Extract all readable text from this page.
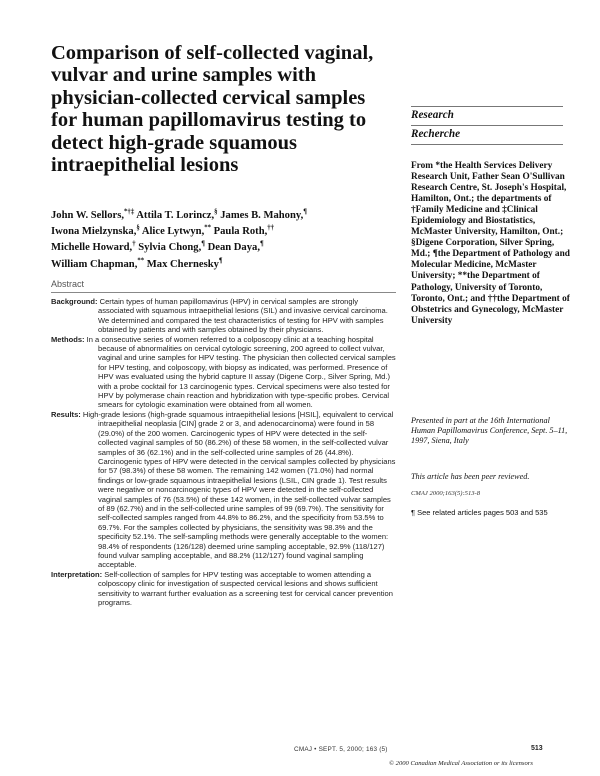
Comparison of self-collected vaginal, vulvar and urine samples with physician-collected cervical samples for human papillomavirus testing to detect high-grade squamous intraepithelial lesions
John W. Sellors,*†‡ Attila T. Lorincz,§ James B. Mahony,¶
Iwona Mielzynska,§ Alice Lytwyn,** Paula Roth,††
Michelle Howard,† Sylvia Chong,¶ Dean Daya,¶
William Chapman,** Max Chernesky¶
Abstract

Background: Certain types of human papillomavirus (HPV) in cervical samples are strongly associated with squamous intraepithelial lesions (SIL) and invasive cervical carcinoma. We determined and compared the test characteristics of testing for HPV with samples obtained by patients and with samples obtained by their physicians.

Methods: In a consecutive series of women referred to a colposcopy clinic at a teaching hospital because of abnormalities on cervical cytologic screening, 200 agreed to collect vulvar, vaginal and urine samples for HPV testing. The physician then collected cervical samples for HPV testing, and colposcopy, with biopsy as indicated, was performed. Presence of HPV was evaluated using the hybrid capture II assay (Digene Corp., Silver Spring, Md.) with a probe cocktail for 13 carcinogenic types. Cervical specimens were also tested for HPV by polymerase chain reaction and hybridization with type-specific probes. Cervical smears for cytologic examination were obtained from all women.

Results: High-grade lesions (high-grade squamous intraepithelial lesions [HSIL], equivalent to cervical intraepithelial neoplasia [CIN] grade 2 or 3, and adenocarcinoma) were found in 58 (29.0%) of the 200 women. Carcinogenic types of HPV were detected in the self-collected vaginal samples of 50 (86.2%) of these 58 women, in the self-collected vulvar samples of 36 (62.1%) and in the self-collected urine samples of 26 (44.8%). Carcinogenic types of HPV were detected in the cervical samples collected by physicians for 57 (98.3%) of these 58 women. The remaining 142 women (71.0%) had normal findings or low-grade squamous intraepithelial lesions (LSIL, CIN grade 1). Test results were negative or noncarcinogenic types of HPV were detected in the self-collected vaginal samples of 76 (53.5%) of these 142 women, in the self-collected vulvar samples of 89 (62.7%) and in the self-collected urine samples of 99 (69.7%). The sensitivity for self-collected samples ranged from 44.8% to 86.2%, and the specificity from 53.5% to 69.7%. For the samples collected by physicians, the sensitivity was 98.3% and the specificity 52.1%. The self-sampling methods were generally acceptable to the women: 98.4% of respondents (126/128) deemed urine sampling acceptable, 92.9% (118/127) found vulvar sampling acceptable, and 88.2% (112/127) found vaginal sampling acceptable.

Interpretation: Self-collection of samples for HPV testing was acceptable to women attending a colposcopy clinic for investigation of suspected cervical lesions and shows sufficient sensitivity to warrant further evaluation as a screening test for cervical cancer prevention programs.

Research
Recherche
From *the Health Services Delivery Research Unit, Father Sean O'Sullivan Research Centre, St. Joseph's Hospital, Hamilton, Ont.; the departments of †Family Medicine and ‡Clinical Epidemiology and Biostatistics, McMaster University, Hamilton, Ont.; §Digene Corporation, Silver Spring, Md.; ¶the Department of Pathology and Molecular Medicine, McMaster University; **the Department of Pathology, University of Toronto, Toronto, Ont.; and ††the Department of Obstetrics and Gynecology, McMaster University
Presented in part at the 16th International Human Papillomavirus Conference, Sept. 5–11, 1997, Siena, Italy
This article has been peer reviewed.
CMAJ 2000;163(5):513-8
¶ See related articles pages 503 and 535
CMAJ • SEPT. 5, 2000; 163 (5)	513
© 2000 Canadian Medical Association or its licensors
